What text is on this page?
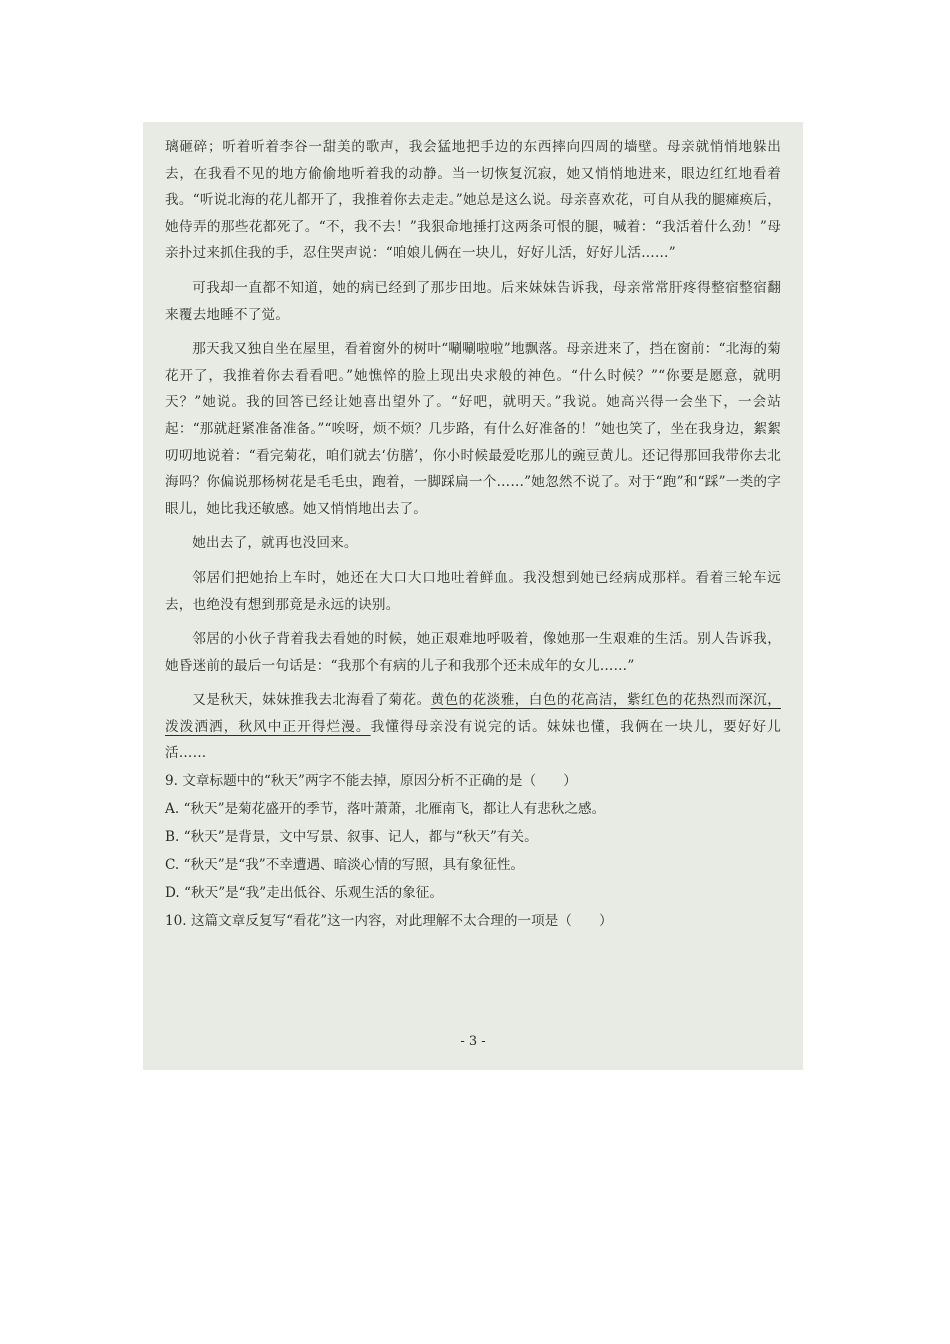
璃砸碎；听着听着李谷一甜美的歌声，我会猛地把手边的东西摔向四周的墙壁。母亲就悄悄地躲出去，在我看不见的地方偷偷地听着我的动静。当一切恢复沉寂，她又悄悄地进来，眼边红红地看着我。“听说北海的花儿都开了，我推着你去走走。”她总是这么说。母亲喜欢花，可自从我的腿瘫痪后，她侍弄的那些花都死了。“不，我不去！”我狠命地捶打这两条可恨的腿，喊着：“我活着什么劲！”母亲扑过来抓住我的手，忍住哭声说：“咱娘儿俩在一块儿，好好儿活，好好儿活……”

可我却一直都不知道，她的病已经到了那步田地。后来妹妹告诉我，母亲常常肝疼得整宿整宿翻来覆去地睡不了觉。

那天我又独自坐在屋里，看着窗外的树叶“唰唰啦啦”地飘落。母亲进来了，挡在窗前：“北海的菊花开了，我推着你去看看吧。”她憔悴的脸上现出央求般的神色。“什么时候？”“你要是愿意，就明天？”她说。我的回答已经让她喜出望外了。“好吧，就明天。”我说。她高兴得一会坐下，一会站起：“那就赶紧准备准备。”“唉呀，烦不烦？几步路，有什么好准备的！”她也笑了，坐在我身边，絮絮叨叨地说着：“看完菊花，咱们就去‘仿膳’，你小时候最爱吃那儿的豌豆黄儿。还记得那回我带你去北海吗？你偏说那杨树花是毛毛虫，跑着，一脚踩扁一个……”她忽然不说了。对于“跑”和“踩”一类的字眼儿，她比我还敏感。她又悄悄地出去了。

她出去了，就再也没回来。

邻居们把她抬上车时，她还在大口大口地吐着鲜血。我没想到她已经病成那样。看着三轮车远去，也绝没有想到那竟是永远的诀别。

邻居的小伙子背着我去看她的时候，她正艰难地呼吸着，像她那一生艰难的生活。别人告诉我，她昏迷前的最后一句话是：“我那个有病的儿子和我那个还未成年的女儿……”

又是秋天，妹妹推我去北海看了菊花。黄色的花淡雅，白色的花高洁，紫红色的花热烈而深沉，泼泼洒洒，秋风中正开得烂漫。我懂得母亲没有说完的话。妹妹也懂，我俩在一块儿，要好好儿活……

9. 文章标题中的“秋天”两字不能去掉，原因分析不正确的是（　　）

A. “秋天”是菊花盛开的季节，落叶萧萧，北雁南飞，都让人有悲秋之感。

B. “秋天”是背景，文中写景、叙事、记人，都与“秋天”有关。

C. “秋天”是“我”不幸遭遇、暗淡心情的写照，具有象征性。

D. “秋天”是“我”走出低谷、乐观生活的象征。

10. 这篇文章反复写“看花”这一内容，对此理解不太合理的一项是（　　）

- 3 -
